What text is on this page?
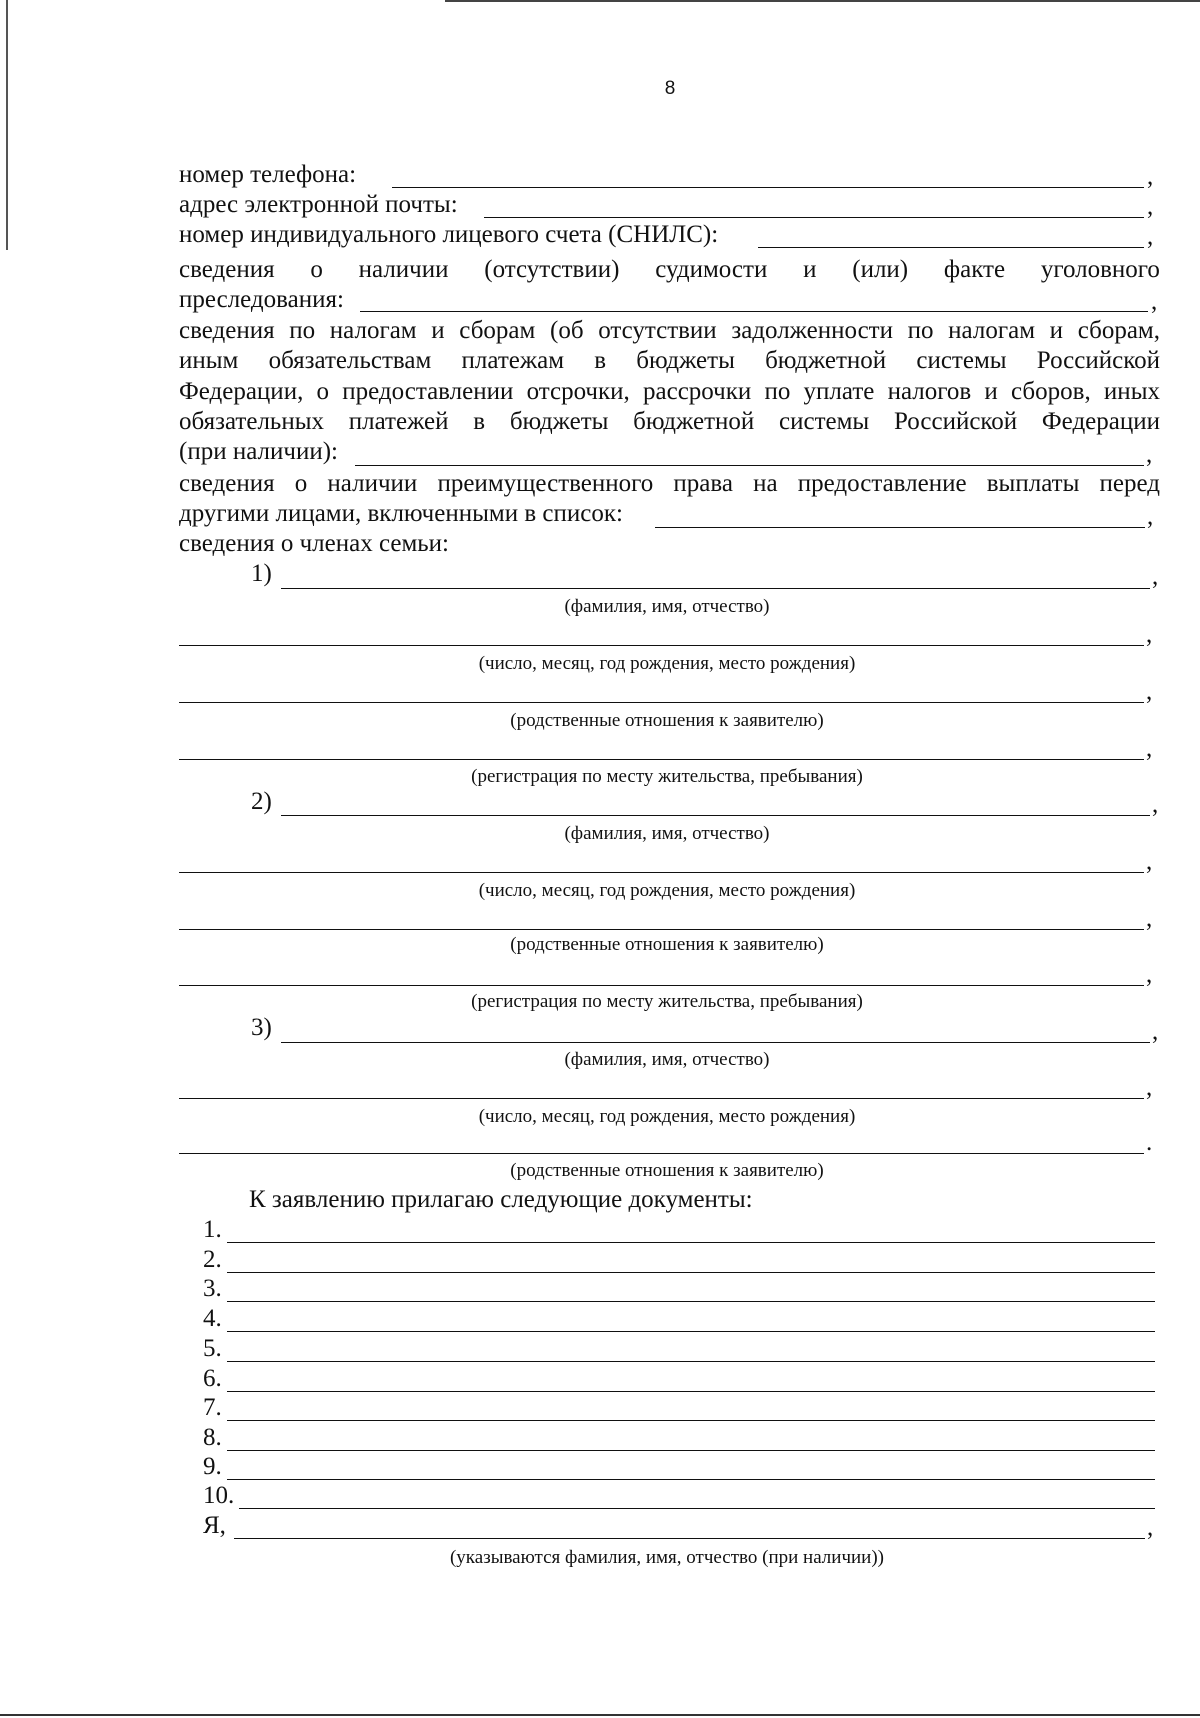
8
номер телефона:	,
адрес электронной почты:	,
номер индивидуального лицевого счета (СНИЛС):	,
сведения о наличии (отсутствии) судимости и (или) факте уголовного
преследования:	,
сведения по налогам и сборам (об отсутствии задолженности по налогам и сборам,
иным обязательствам платежам в бюджеты бюджетной системы Российской
Федерации, о предоставлении отсрочки, рассрочки по уплате налогов и сборов, иных
обязательных платежей в бюджеты бюджетной системы Российской Федерации
(при наличии):	,
сведения о наличии преимущественного права на предоставление выплаты перед
другими лицами, включенными в список:	,
сведения о членах семьи:
1)	,
(фамилия, имя, отчество)
,
(число, месяц, год рождения, место рождения)
,
(родственные отношения к заявителю)
,
(регистрация по месту жительства, пребывания)
2)	,
(фамилия, имя, отчество)
,
(число, месяц, год рождения, место рождения)
,
(родственные отношения к заявителю)
,
(регистрация по месту жительства, пребывания)
3)	,
(фамилия, имя, отчество)
,
(число, месяц, год рождения, место рождения)
.
(родственные отношения к заявителю)
К заявлению прилагаю следующие документы:
1.
2.
3.
4.
5.
6.
7.
8.
9.
10.
Я,	,
(указываются фамилия, имя, отчество (при наличии))
